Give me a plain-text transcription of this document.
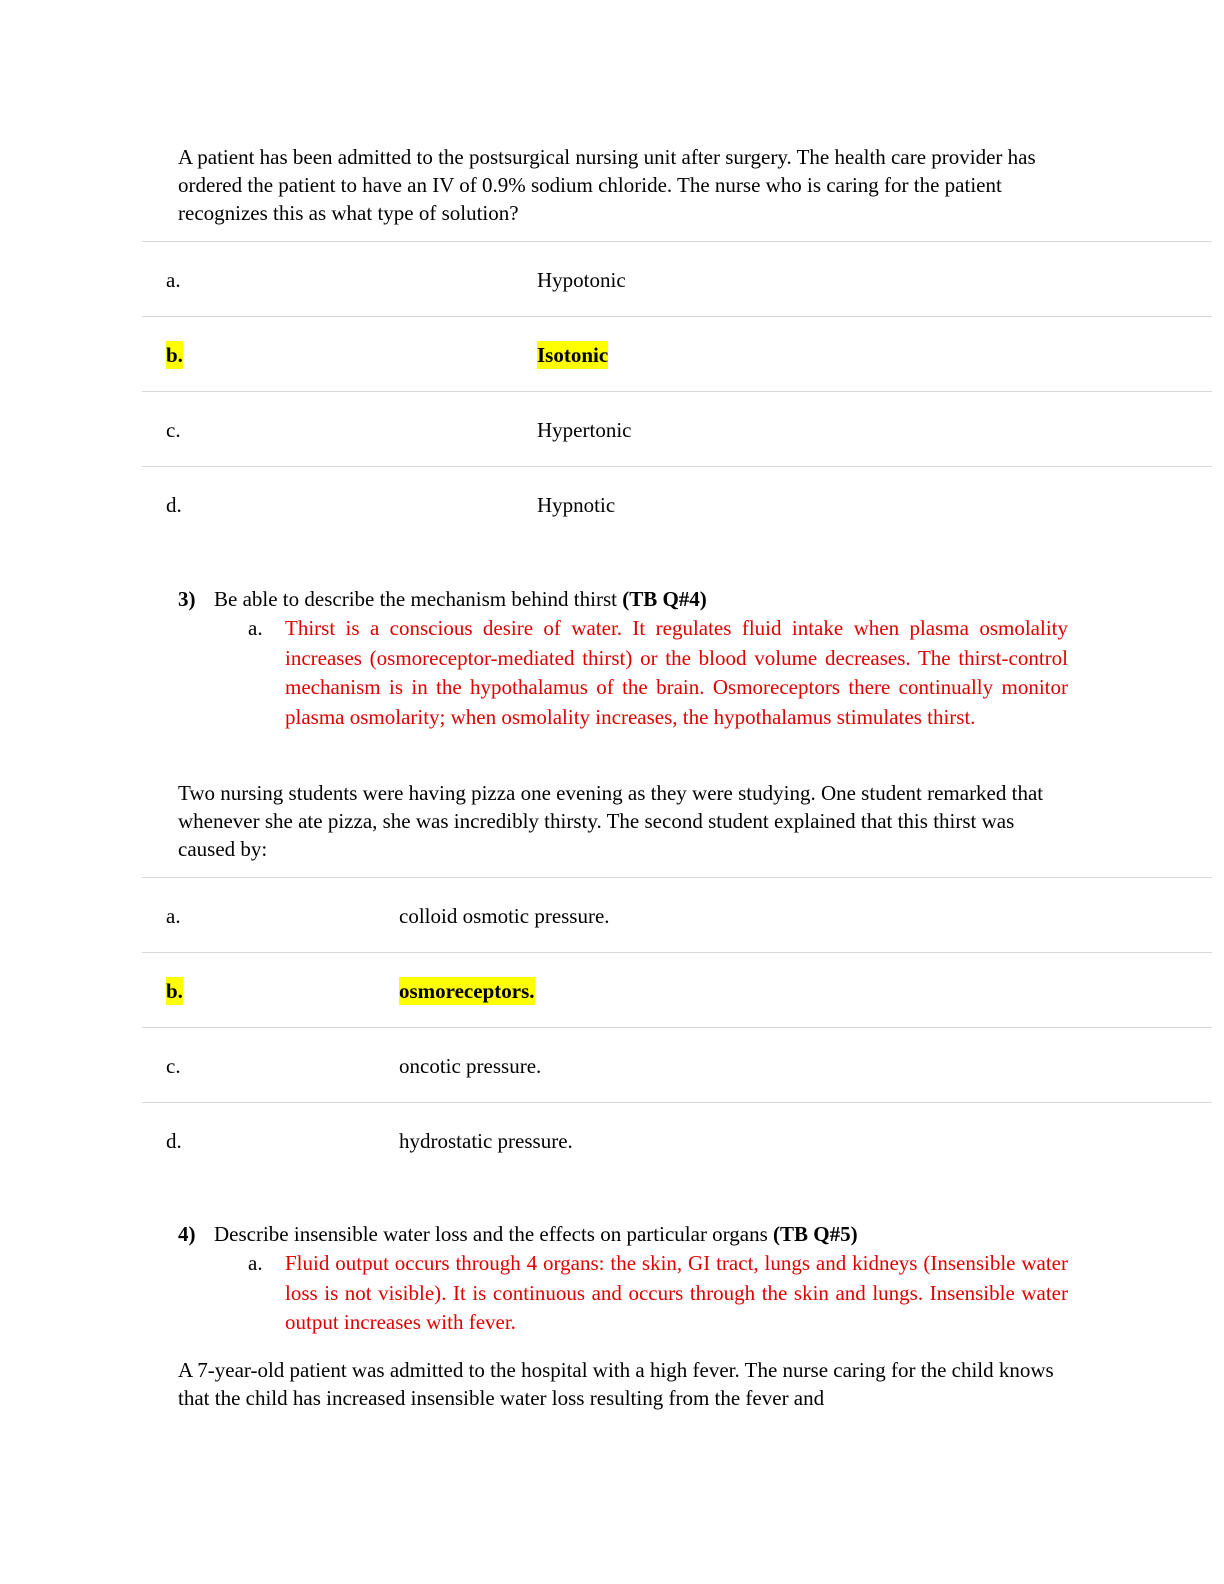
A patient has been admitted to the postsurgical nursing unit after surgery. The health care provider has ordered the patient to have an IV of 0.9% sodium chloride. The nurse who is caring for the patient recognizes this as what type of solution?

a.	Hypotonic
b.	Isotonic
c.	Hypertonic
d.	Hypnotic
3) Be able to describe the mechanism behind thirst (TB Q#4)
a. Thirst is a conscious desire of water. It regulates fluid intake when plasma osmolality increases (osmoreceptor-mediated thirst) or the blood volume decreases. The thirst-control mechanism is in the hypothalamus of the brain. Osmoreceptors there continually monitor plasma osmolarity; when osmolality increases, the hypothalamus stimulates thirst.

Two nursing students were having pizza one evening as they were studying. One student remarked that whenever she ate pizza, she was incredibly thirsty. The second student explained that this thirst was caused by:

a.	colloid osmotic pressure.
b.	osmoreceptors.
c.	oncotic pressure.
d.	hydrostatic pressure.
4) Describe insensible water loss and the effects on particular organs (TB Q#5)
a. Fluid output occurs through 4 organs: the skin, GI tract, lungs and kidneys (Insensible water loss is not visible). It is continuous and occurs through the skin and lungs. Insensible water output increases with fever.

A 7-year-old patient was admitted to the hospital with a high fever. The nurse caring for the child knows that the child has increased insensible water loss resulting from the fever and
